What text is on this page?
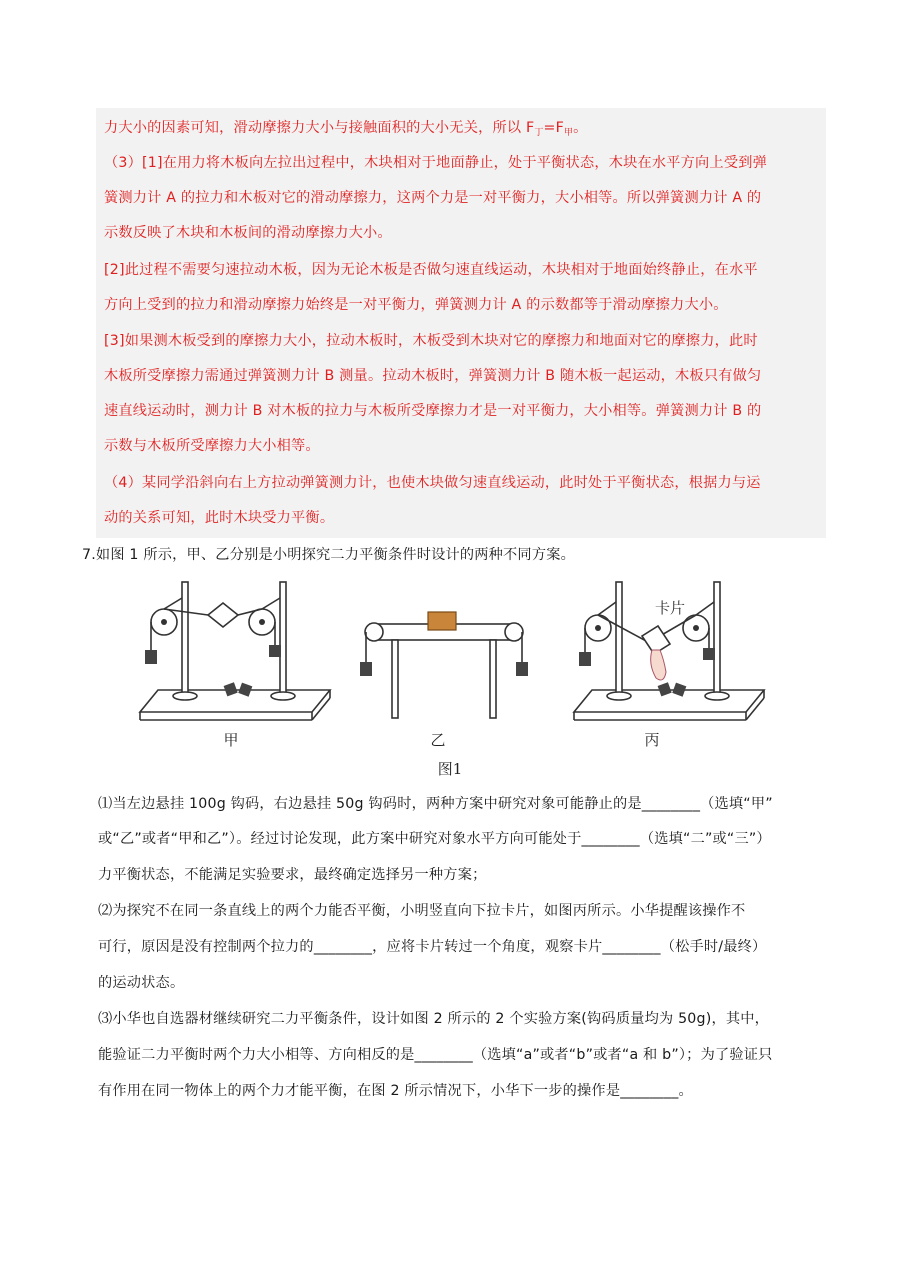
力大小的因素可知，滑动摩擦力大小与接触面积的大小无关，所以 $F_丁=F_甲$。
（3）[1]在用力将木板向左拉出过程中，木块相对于地面静止，处于平衡状态，木块在水平方向上受到弹
簧测力计 A 的拉力和木板对它的滑动摩擦力，这两个力是一对平衡力，大小相等。所以弹簧测力计 A 的
示数反映了木块和木板间的滑动摩擦力大小。
[2]此过程不需要匀速拉动木板，因为无论木板是否做匀速直线运动，木块相对于地面始终静止，在水平
方向上受到的拉力和滑动摩擦力始终是一对平衡力，弹簧测力计 A 的示数都等于滑动摩擦力大小。
[3]如果测木板受到的摩擦力大小，拉动木板时，木板受到木块对它的摩擦力和地面对它的摩擦力，此时
木板所受摩擦力需通过弹簧测力计 B 测量。拉动木板时，弹簧测力计 B 随木板一起运动，木板只有做匀
速直线运动时，测力计 B 对木板的拉力与木板所受摩擦力才是一对平衡力，大小相等。弹簧测力计 B 的
示数与木板所受摩擦力大小相等。
（4）某同学沿斜向右上方拉动弹簧测力计，也使木块做匀速直线运动，此时处于平衡状态，根据力与运
动的关系可知，此时木块受力平衡。
7.如图 1 所示，甲、乙分别是小明探究二力平衡条件时设计的两种不同方案。
卡片
甲	乙	丙
图1
⑴当左边悬挂 100g 钩码，右边悬挂 50g 钩码时，两种方案中研究对象可能静止的是________（选填“甲”
或“乙”或者“甲和乙”）。经过讨论发现，此方案中研究对象水平方向可能处于________（选填“二”或“三”）
力平衡状态，不能满足实验要求，最终确定选择另一种方案；
⑵为探究不在同一条直线上的两个力能否平衡，小明竖直向下拉卡片，如图丙所示。小华提醒该操作不
可行，原因是没有控制两个拉力的________，应将卡片转过一个角度，观察卡片________（松手时/最终）
的运动状态。
⑶小华也自选器材继续研究二力平衡条件，设计如图 2 所示的 2 个实验方案(钩码质量均为 50g)，其中，
能验证二力平衡时两个力大小相等、方向相反的是________（选填“a”或者“b”或者“a 和 b”）；为了验证只
有作用在同一物体上的两个力才能平衡，在图 2 所示情况下，小华下一步的操作是________。
